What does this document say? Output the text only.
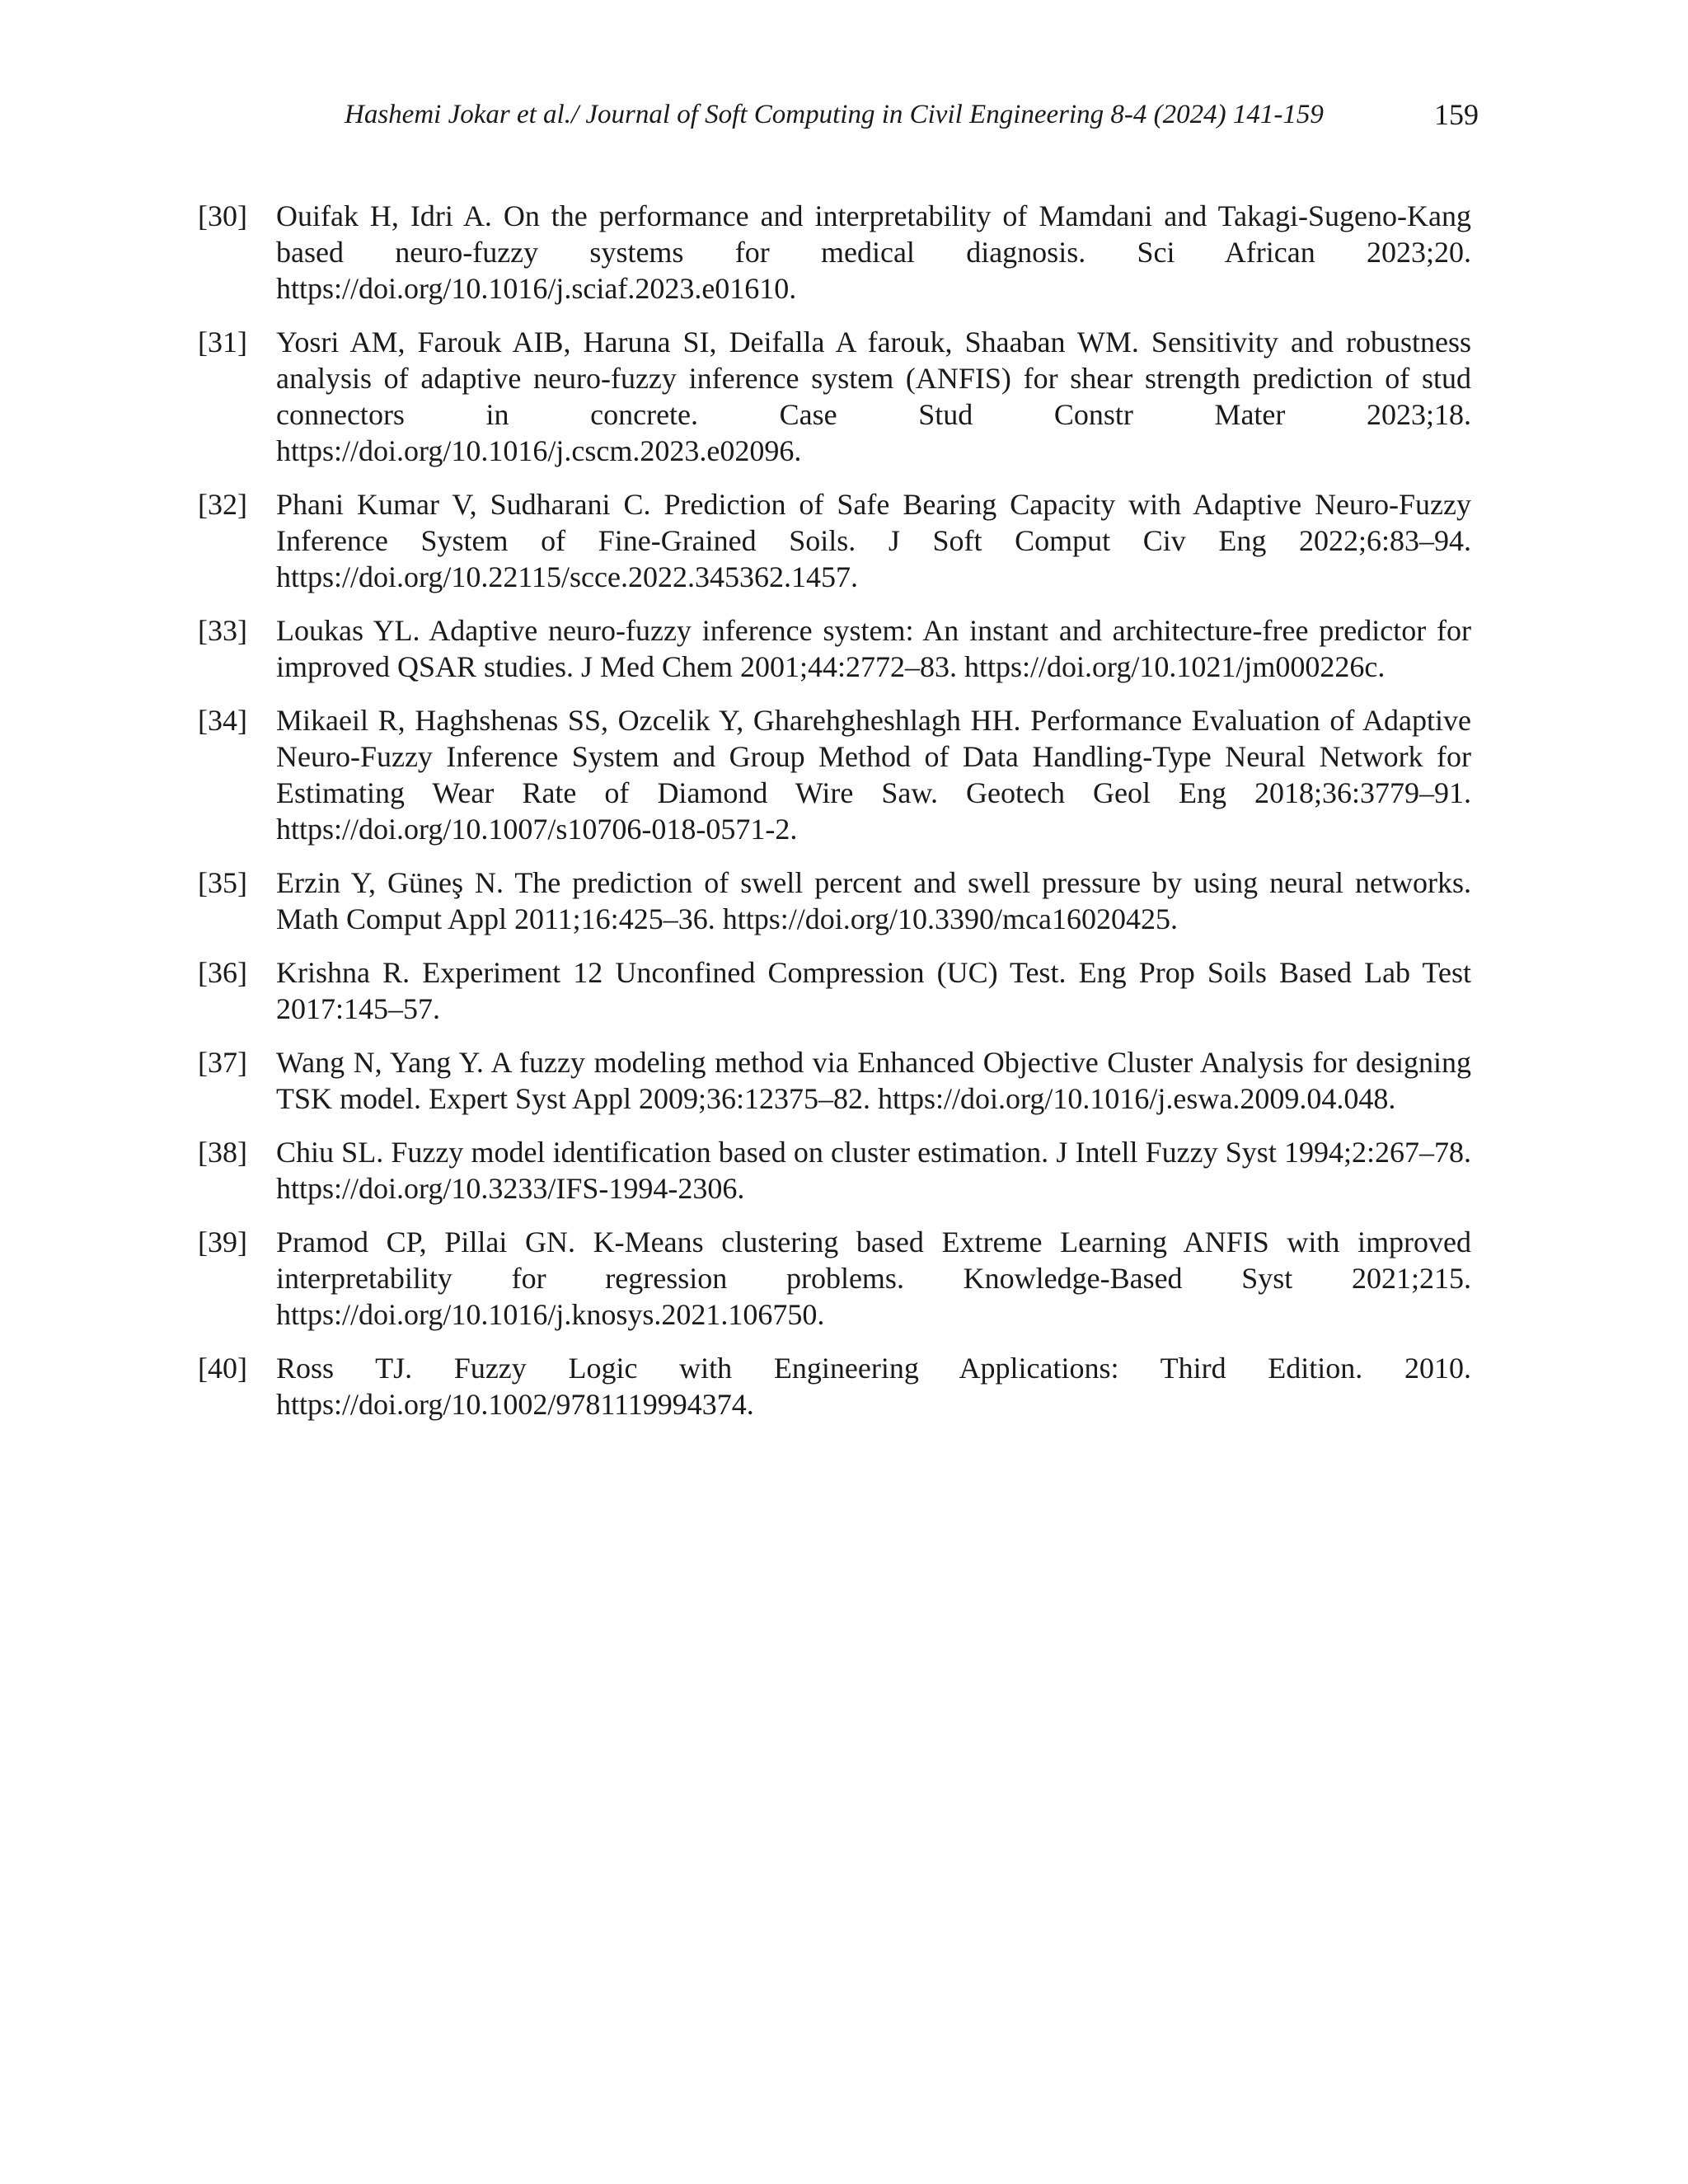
Hashemi Jokar et al./ Journal of Soft Computing in Civil Engineering 8-4 (2024) 141-159	159
[30] Ouifak H, Idri A. On the performance and interpretability of Mamdani and Takagi-Sugeno-Kang based neuro-fuzzy systems for medical diagnosis. Sci African 2023;20. https://doi.org/10.1016/j.sciaf.2023.e01610.
[31] Yosri AM, Farouk AIB, Haruna SI, Deifalla A farouk, Shaaban WM. Sensitivity and robustness analysis of adaptive neuro-fuzzy inference system (ANFIS) for shear strength prediction of stud connectors in concrete. Case Stud Constr Mater 2023;18. https://doi.org/10.1016/j.cscm.2023.e02096.
[32] Phani Kumar V, Sudharani C. Prediction of Safe Bearing Capacity with Adaptive Neuro-Fuzzy Inference System of Fine-Grained Soils. J Soft Comput Civ Eng 2022;6:83–94. https://doi.org/10.22115/scce.2022.345362.1457.
[33] Loukas YL. Adaptive neuro-fuzzy inference system: An instant and architecture-free predictor for improved QSAR studies. J Med Chem 2001;44:2772–83. https://doi.org/10.1021/jm000226c.
[34] Mikaeil R, Haghshenas SS, Ozcelik Y, Gharehgheshlagh HH. Performance Evaluation of Adaptive Neuro-Fuzzy Inference System and Group Method of Data Handling-Type Neural Network for Estimating Wear Rate of Diamond Wire Saw. Geotech Geol Eng 2018;36:3779–91. https://doi.org/10.1007/s10706-018-0571-2.
[35] Erzin Y, Güneş N. The prediction of swell percent and swell pressure by using neural networks. Math Comput Appl 2011;16:425–36. https://doi.org/10.3390/mca16020425.
[36] Krishna R. Experiment 12 Unconfined Compression (UC) Test. Eng Prop Soils Based Lab Test 2017:145–57.
[37] Wang N, Yang Y. A fuzzy modeling method via Enhanced Objective Cluster Analysis for designing TSK model. Expert Syst Appl 2009;36:12375–82. https://doi.org/10.1016/j.eswa.2009.04.048.
[38] Chiu SL. Fuzzy model identification based on cluster estimation. J Intell Fuzzy Syst 1994;2:267–78. https://doi.org/10.3233/IFS-1994-2306.
[39] Pramod CP, Pillai GN. K-Means clustering based Extreme Learning ANFIS with improved interpretability for regression problems. Knowledge-Based Syst 2021;215. https://doi.org/10.1016/j.knosys.2021.106750.
[40] Ross TJ. Fuzzy Logic with Engineering Applications: Third Edition. 2010. https://doi.org/10.1002/9781119994374.
